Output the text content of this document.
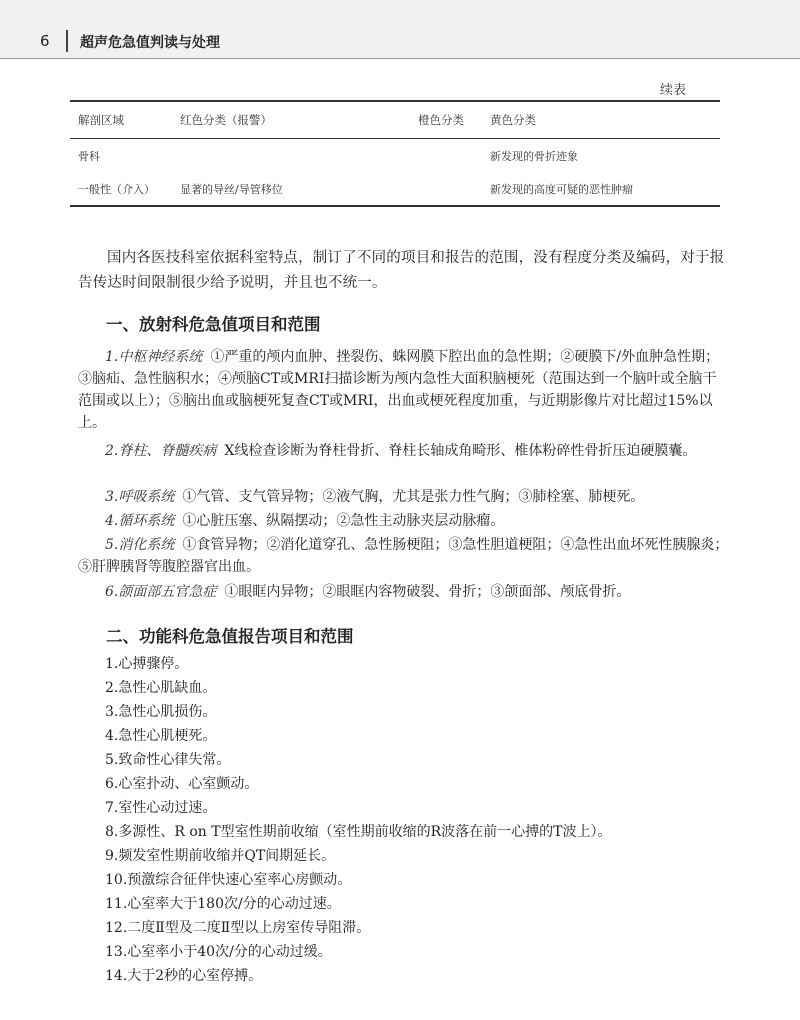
6 超声危急值判读与处理
续表
解剖区域	红色分类（报警）	橙色分类	黄色分类
骨科			新发现的骨折迹象
一般性（介入）	显著的导丝/导管移位		新发现的高度可疑的恶性肿瘤

国内各医技科室依据科室特点，制订了不同的项目和报告的范围，没有程度分类及编码，对于报告传达时间限制很少给予说明，并且也不统一。

一、放射科危急值项目和范围

1.中枢神经系统 ①严重的颅内血肿、挫裂伤、蛛网膜下腔出血的急性期；②硬膜下/外血肿急性期；③脑疝、急性脑积水；④颅脑CT或MRI扫描诊断为颅内急性大面积脑梗死（范围达到一个脑叶或全脑干范围或以上）；⑤脑出血或脑梗死复查CT或MRI，出血或梗死程度加重，与近期影像片对比超过15%以上。

2.脊柱、脊髓疾病 X线检查诊断为脊柱骨折、脊柱长轴成角畸形、椎体粉碎性骨折压迫硬膜囊。

3.呼吸系统 ①气管、支气管异物；②液气胸，尤其是张力性气胸；③肺栓塞、肺梗死。

4.循环系统 ①心脏压塞、纵隔摆动；②急性主动脉夹层动脉瘤。

5.消化系统 ①食管异物；②消化道穿孔、急性肠梗阻；③急性胆道梗阻；④急性出血坏死性胰腺炎；⑤肝脾胰肾等腹腔器官出血。

6.颌面部五官急症 ①眼眶内异物；②眼眶内容物破裂、骨折；③颌面部、颅底骨折。

二、功能科危急值报告项目和范围

1.心搏骤停。

2.急性心肌缺血。

3.急性心肌损伤。

4.急性心肌梗死。

5.致命性心律失常。

6.心室扑动、心室颤动。

7.室性心动过速。

8.多源性、R on T型室性期前收缩（室性期前收缩的R波落在前一心搏的T波上）。

9.频发室性期前收缩并QT间期延长。

10.预激综合征伴快速心室率心房颤动。

11.心室率大于180次/分的心动过速。

12.二度Ⅱ型及二度Ⅱ型以上房室传导阻滞。

13.心室率小于40次/分的心动过缓。

14.大于2秒的心室停搏。
